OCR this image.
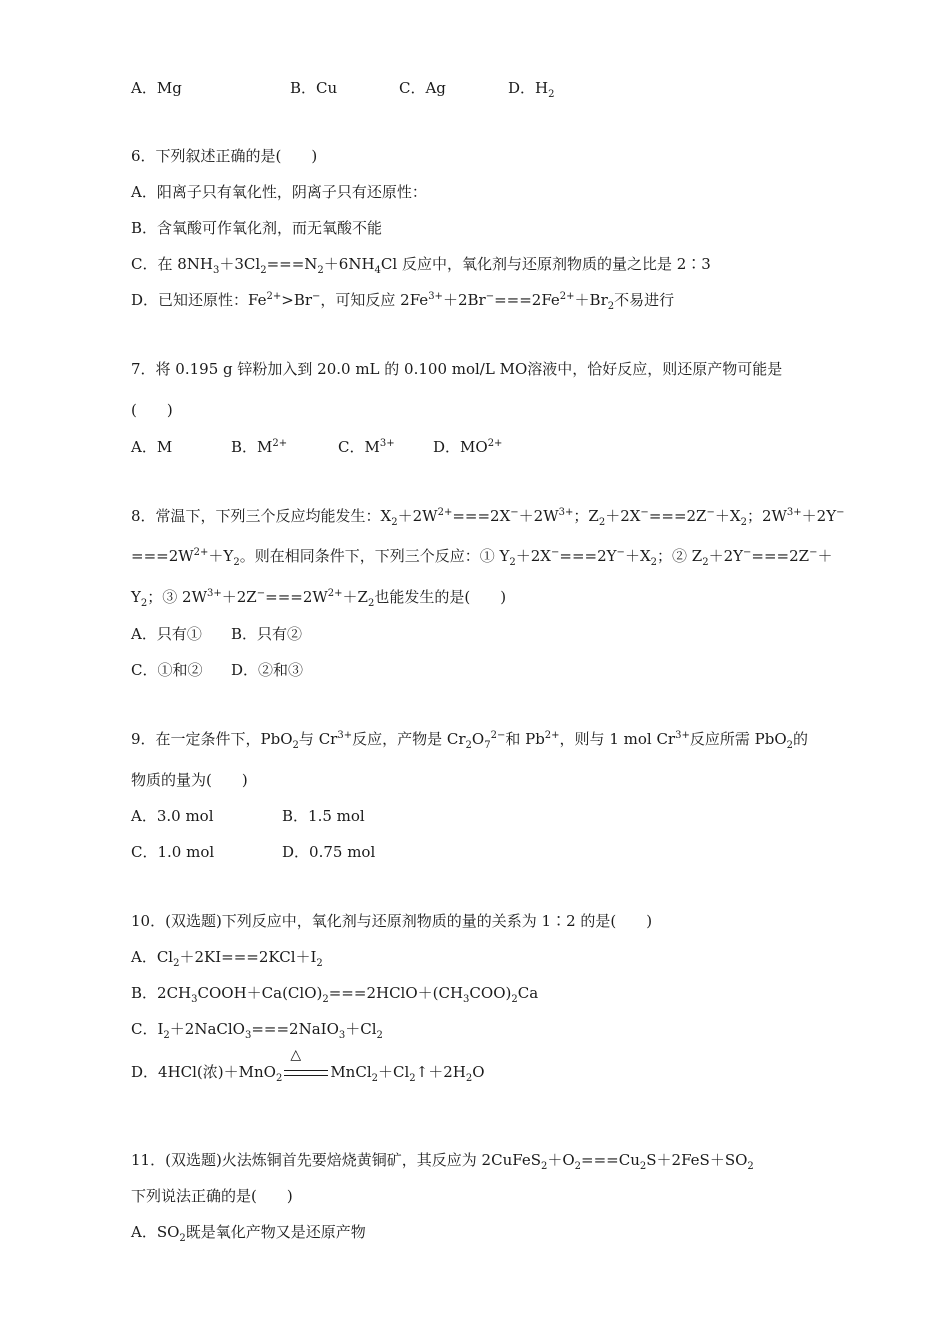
A．Mg	B．Cu	C．Ag	D．$H_2$
6．下列叙述正确的是(　　)
A．阳离子只有氧化性，阴离子只有还原性：
B．含氧酸可作氧化剂，而无氧酸不能
C．在 $8NH_3+3Cl_2===N_2+6NH_4Cl$ 反应中，氧化剂与还原剂物质的量之比是 2∶3
D．已知还原性：$Fe^{2+}>Br^-$，可知反应 $2Fe^{3+}+2Br^-===2Fe^{2+}+Br_2$不易进行
7．将 0.195 g 锌粉加入到 20.0 mL 的 0.100 mol/L MO溶液中，恰好反应，则还原产物可能是
(　　)
A．M	B．$M^{2+}$	C．$M^{3+}$	D．$MO^{2+}$
8．常温下，下列三个反应均能发生：$X_2+2W^{2+}===2X^-+2W^{3+}$；$Z_2+2X^-===2Z^-+X_2$；$2W^{3+}+2Y^-$
$===2W^{2+}+Y_2$。则在相同条件下，下列三个反应：① $Y_2+2X^-===2Y^-+X_2$；② $Z_2+2Y^-===2Z^-+$
$Y_2$；③ $2W^{3+}+2Z^-===2W^{2+}+Z_2$也能发生的是(　　)
A．只有① B．只有②
C．①和② D．②和③
9．在一定条件下，PbO$_2$与 $Cr^{3+}$反应，产物是 $Cr_2O_7^{2-}$和 $Pb^{2+}$，则与 1 mol $Cr^{3+}$反应所需 PbO$_2$的
物质的量为(　　)
A．3.0 mol	B．1.5 mol
C．1.0 mol	D．0.75 mol
10．(双选题)下列反应中，氧化剂与还原剂物质的量的关系为 1∶2 的是(　　)
A．$Cl_2+2KI===2KCl+I_2$
B．$2CH_3COOH+Ca(ClO)_2===2HClO+(CH_3COO)_2Ca$
C．$I_2+2NaClO_3===2NaIO_3+Cl_2$
D．4HCl(浓)＋MnO$_2$
△
$MnCl_2+Cl_2↑+2H_2O$
11．(双选题)火法炼铜首先要焙烧黄铜矿，其反应为 $2CuFeS_2+O_2===Cu_2S+2FeS+SO_2$
下列说法正确的是(　　)
A．$SO_2$既是氧化产物又是还原产物
